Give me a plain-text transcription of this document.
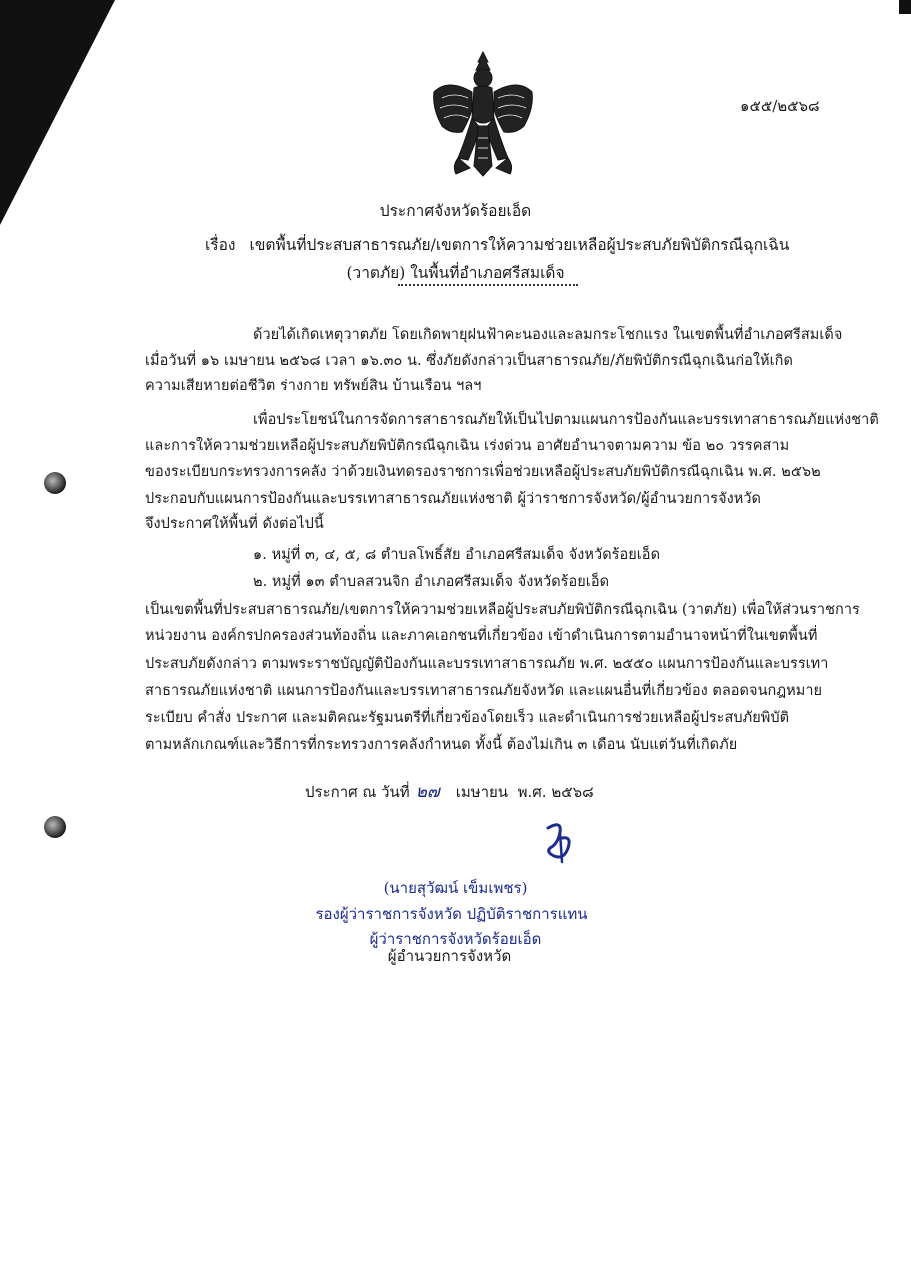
๑๕๕/๒๕๖๘
ประกาศจังหวัดร้อยเอ็ด
เรื่อง เขตพื้นที่ประสบสาธารณภัย/เขตการให้ความช่วยเหลือผู้ประสบภัยพิบัติกรณีฉุกเฉิน
(วาตภัย) ในพื้นที่อำเภอศรีสมเด็จ
ด้วยได้เกิดเหตุวาตภัย โดยเกิดพายุฝนฟ้าคะนองและลมกระโชกแรง ในเขตพื้นที่อำเภอศรีสมเด็จ
เมื่อวันที่ ๑๖ เมษายน ๒๕๖๘ เวลา ๑๖.๓๐ น. ซึ่งภัยดังกล่าวเป็นสาธารณภัย/ภัยพิบัติกรณีฉุกเฉินก่อให้เกิด
ความเสียหายต่อชีวิต ร่างกาย ทรัพย์สิน บ้านเรือน ฯลฯ
เพื่อประโยชน์ในการจัดการสาธารณภัยให้เป็นไปตามแผนการป้องกันและบรรเทาสาธารณภัยแห่งชาติ
และการให้ความช่วยเหลือผู้ประสบภัยพิบัติกรณีฉุกเฉิน เร่งด่วน อาศัยอำนาจตามความ ข้อ ๒๐ วรรคสาม
ของระเบียบกระทรวงการคลัง ว่าด้วยเงินทดรองราชการเพื่อช่วยเหลือผู้ประสบภัยพิบัติกรณีฉุกเฉิน พ.ศ. ๒๕๖๒
ประกอบกับแผนการป้องกันและบรรเทาสาธารณภัยแห่งชาติ ผู้ว่าราชการจังหวัด/ผู้อำนวยการจังหวัด
จึงประกาศให้พื้นที่ ดังต่อไปนี้
๑. หมู่ที่ ๓, ๔, ๕, ๘ ตำบลโพธิ์สัย อำเภอศรีสมเด็จ จังหวัดร้อยเอ็ด
๒. หมู่ที่ ๑๓ ตำบลสวนจิก อำเภอศรีสมเด็จ จังหวัดร้อยเอ็ด
เป็นเขตพื้นที่ประสบสาธารณภัย/เขตการให้ความช่วยเหลือผู้ประสบภัยพิบัติกรณีฉุกเฉิน (วาตภัย) เพื่อให้ส่วนราชการ
หน่วยงาน องค์กรปกครองส่วนท้องถิ่น และภาคเอกชนที่เกี่ยวข้อง เข้าดำเนินการตามอำนาจหน้าที่ในเขตพื้นที่
ประสบภัยดังกล่าว ตามพระราชบัญญัติป้องกันและบรรเทาสาธารณภัย พ.ศ. ๒๕๕๐ แผนการป้องกันและบรรเทา
สาธารณภัยแห่งชาติ แผนการป้องกันและบรรเทาสาธารณภัยจังหวัด และแผนอื่นที่เกี่ยวข้อง ตลอดจนกฎหมาย
ระเบียบ คำสั่ง ประกาศ และมติคณะรัฐมนตรีที่เกี่ยวข้องโดยเร็ว และดำเนินการช่วยเหลือผู้ประสบภัยพิบัติ
ตามหลักเกณฑ์และวิธีการที่กระทรวงการคลังกำหนด ทั้งนี้ ต้องไม่เกิน ๓ เดือน นับแต่วันที่เกิดภัย
ประกาศ ณ วันที่ ๒๗ เมษายน พ.ศ. ๒๕๖๘
(นายสุวัฒน์ เข็มเพชร)
รองผู้ว่าราชการจังหวัด ปฏิบัติราชการแทน
ผู้ว่าราชการจังหวัดร้อยเอ็ด
ผู้อำนวยการจังหวัด
